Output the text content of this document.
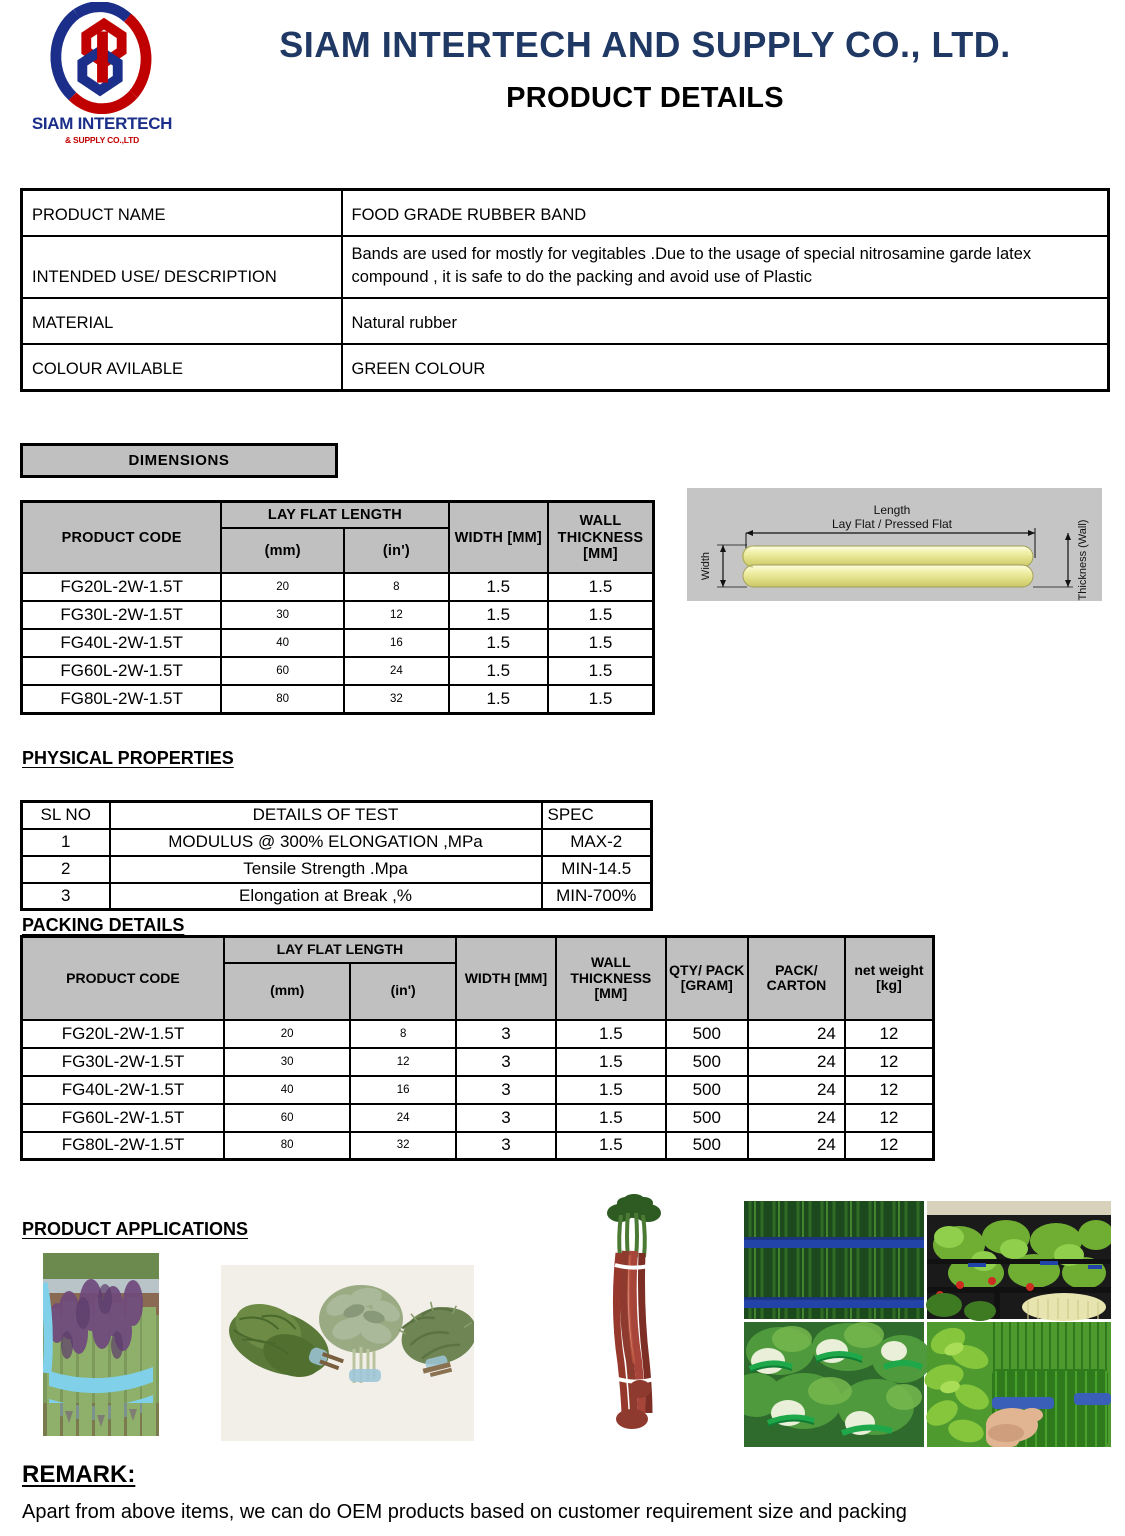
SIAM INTERTECH
& SUPPLY CO.,LTD
SIAM INTERTECH AND SUPPLY CO., LTD.
PRODUCT DETAILS
PRODUCT NAME	FOOD GRADE RUBBER BAND
INTENDED USE/ DESCRIPTION	Bands are used for mostly for vegitables .Due to the usage of special nitrosamine garde latex compound , it is safe to do the packing and avoid use of Plastic
MATERIAL	Natural rubber
COLOUR AVILABLE	GREEN COLOUR
DIMENSIONS
PRODUCT CODE	LAY FLAT LENGTH		WIDTH [MM]	WALL THICKNESS [MM]
	(mm)	(in')		
FG20L-2W-1.5T	20	8	1.5	1.5
FG30L-2W-1.5T	30	12	1.5	1.5
FG40L-2W-1.5T	40	16	1.5	1.5
FG60L-2W-1.5T	60	24	1.5	1.5
FG80L-2W-1.5T	80	32	1.5	1.5
Length
Lay Flat / Pressed Flat
Width	Thickness (Wall)
PHYSICAL PROPERTIES
SL NO	DETAILS OF TEST	SPEC
1	MODULUS @ 300% ELONGATION ,MPa	MAX-2
2	Tensile Strength .Mpa	MIN-14.5
3	Elongation at Break ,%	MIN-700%
PACKING DETAILS
PRODUCT CODE	LAY FLAT LENGTH		WIDTH [MM]	WALL THICKNESS [MM]	QTY/ PACK [GRAM]	PACK/ CARTON	net weight [kg]
	(mm)	(in')					
FG20L-2W-1.5T	20	8	3	1.5	500	24	12
FG30L-2W-1.5T	30	12	3	1.5	500	24	12
FG40L-2W-1.5T	40	16	3	1.5	500	24	12
FG60L-2W-1.5T	60	24	3	1.5	500	24	12
FG80L-2W-1.5T	80	32	3	1.5	500	24	12
PRODUCT APPLICATIONS
REMARK:
Apart from above items, we can do OEM products based on customer requirement size and packing
